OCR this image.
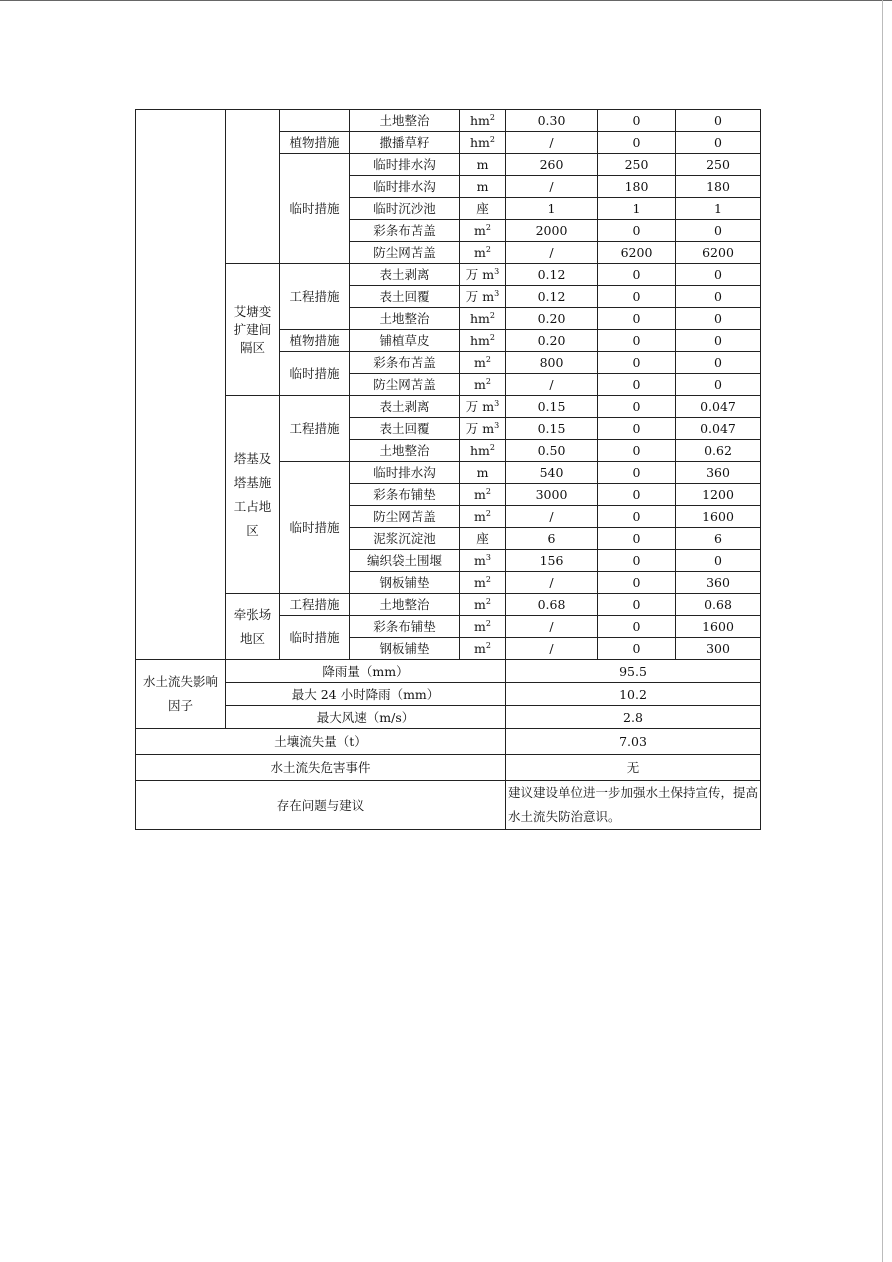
			土地整治	$hm^2$	0.30	0	0
		植物措施	撒播草籽	$hm^2$	/	0	0
		临时措施	临时排水沟	m	260	250	250
			临时排水沟	m	/	180	180
			临时沉沙池	座	1	1	1
			彩条布苫盖	$m^2$	2000	0	0
			防尘网苫盖	$m^2$	/	6200	6200
	艾塘变扩建间隔区	工程措施	表土剥离	万 $m^3$	0.12	0	0
			表土回覆	万 $m^3$	0.12	0	0
			土地整治	$hm^2$	0.20	0	0
		植物措施	铺植草皮	$hm^2$	0.20	0	0
		临时措施	彩条布苫盖	$m^2$	800	0	0
			防尘网苫盖	$m^2$	/	0	0
	塔基及塔基施工占地区	工程措施	表土剥离	万 $m^3$	0.15	0	0.047
			表土回覆	万 $m^3$	0.15	0	0.047
			土地整治	$hm^2$	0.50	0	0.62
		临时措施	临时排水沟	m	540	0	360
			彩条布铺垫	$m^2$	3000	0	1200
			防尘网苫盖	$m^2$	/	0	1600
			泥浆沉淀池	座	6	0	6
			编织袋土围堰	$m^3$	156	0	0
			钢板铺垫	$m^2$	/	0	360
	牵张场地区	工程措施	土地整治	$m^2$	0.68	0	0.68
		临时措施	彩条布铺垫	$m^2$	/	0	1600
			钢板铺垫	$m^2$	/	0	300
水土流失影响因子	降雨量（mm）				95.5		
	最大 24 小时降雨（mm）				10.2		
	最大风速（m/s）				2.8		
土壤流失量（t）					7.03		
水土流失危害事件					无		
存在问题与建议					建议建设单位进一步加强水土保持宣传，提高水土流失防治意识。		
